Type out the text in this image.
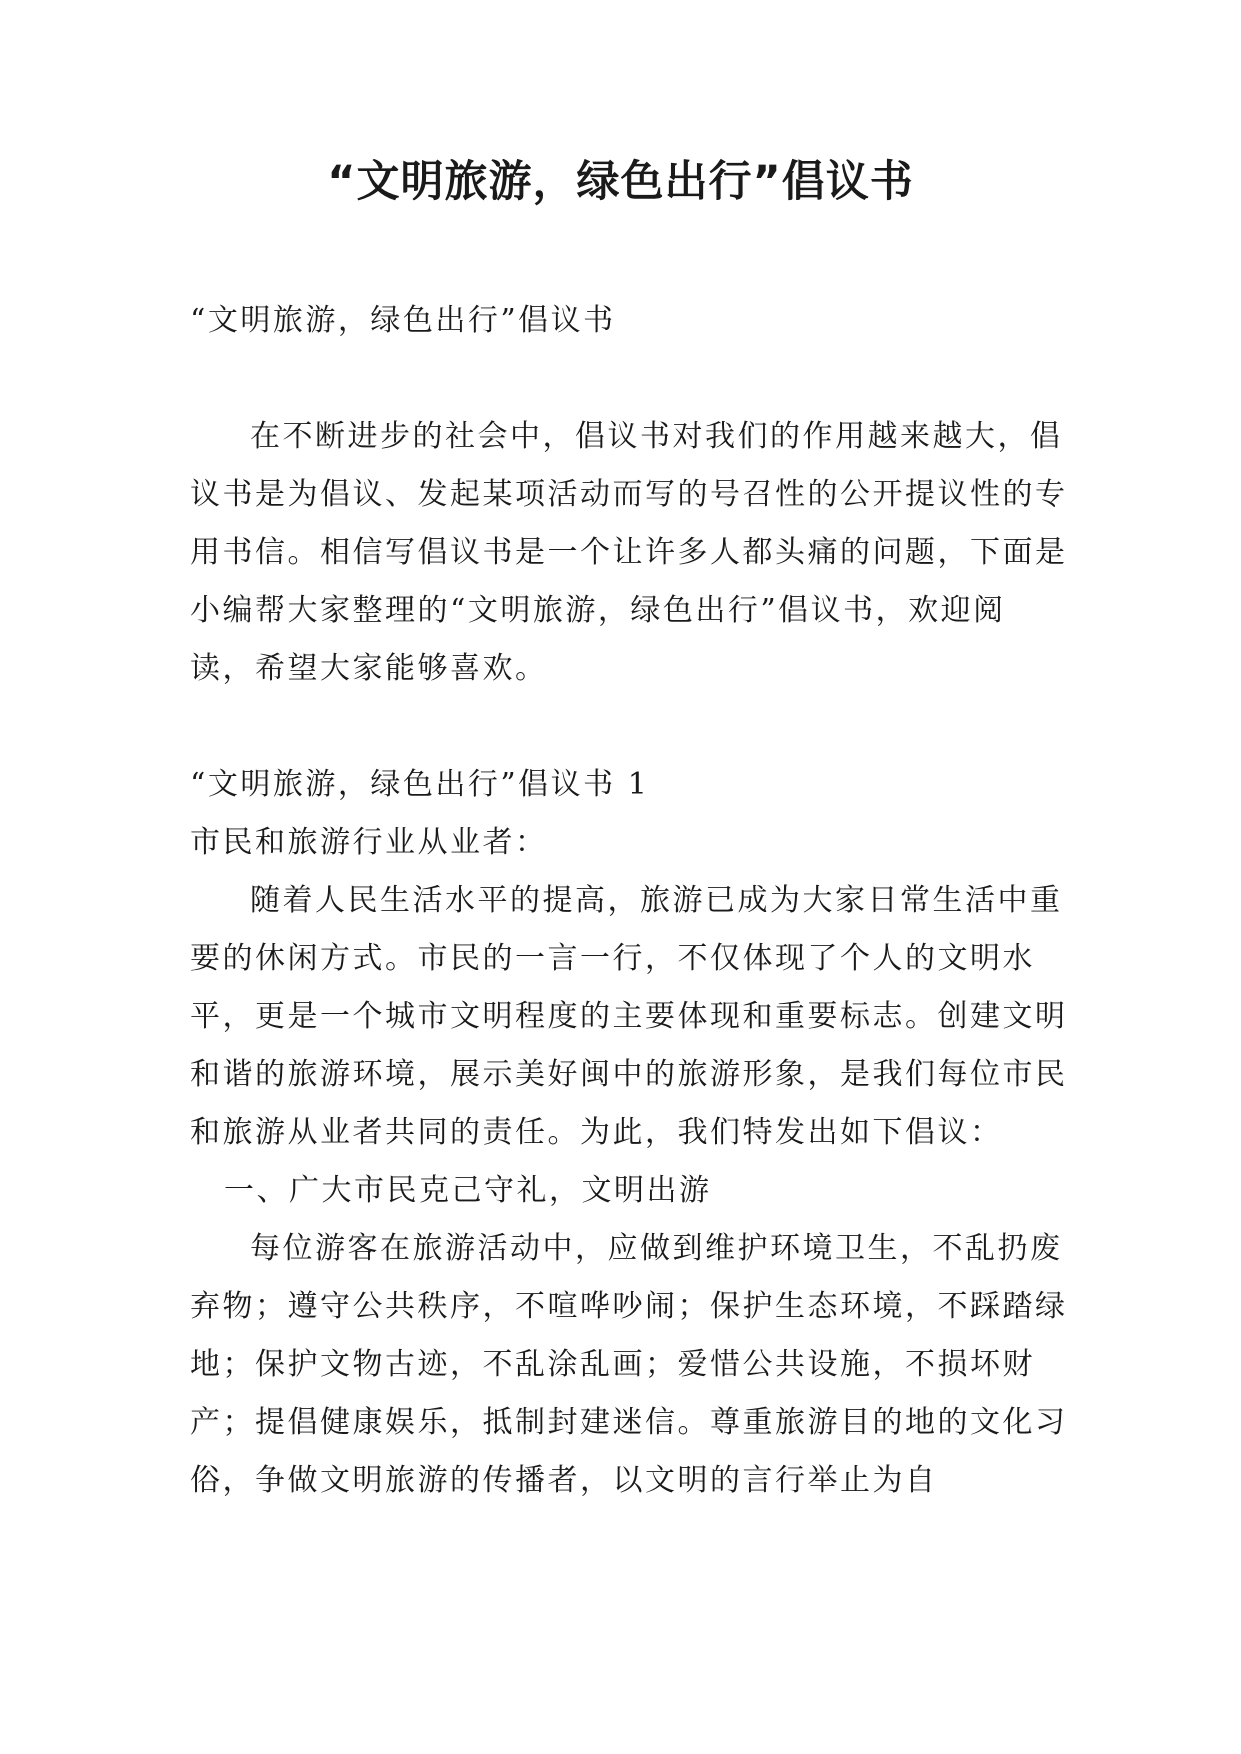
“文明旅游，绿色出行”倡议书

“文明旅游，绿色出行”倡议书

在不断进步的社会中，倡议书对我们的作用越来越大，倡议书是为倡议、发起某项活动而写的号召性的公开提议性的专用书信。相信写倡议书是一个让许多人都头痛的问题，下面是小编帮大家整理的“文明旅游，绿色出行”倡议书，欢迎阅读，希望大家能够喜欢。

“文明旅游，绿色出行”倡议书 1

市民和旅游行业从业者：

随着人民生活水平的提高，旅游已成为大家日常生活中重要的休闲方式。市民的一言一行，不仅体现了个人的文明水平，更是一个城市文明程度的主要体现和重要标志。创建文明和谐的旅游环境，展示美好闽中的旅游形象，是我们每位市民和旅游从业者共同的责任。为此，我们特发出如下倡议：

一、广大市民克己守礼，文明出游

每位游客在旅游活动中，应做到维护环境卫生，不乱扔废弃物；遵守公共秩序，不喧哗吵闹；保护生态环境，不踩踏绿地；保护文物古迹，不乱涂乱画；爱惜公共设施，不损坏财产；提倡健康娱乐，抵制封建迷信。尊重旅游目的地的文化习俗，争做文明旅游的传播者，以文明的言行举止为自
